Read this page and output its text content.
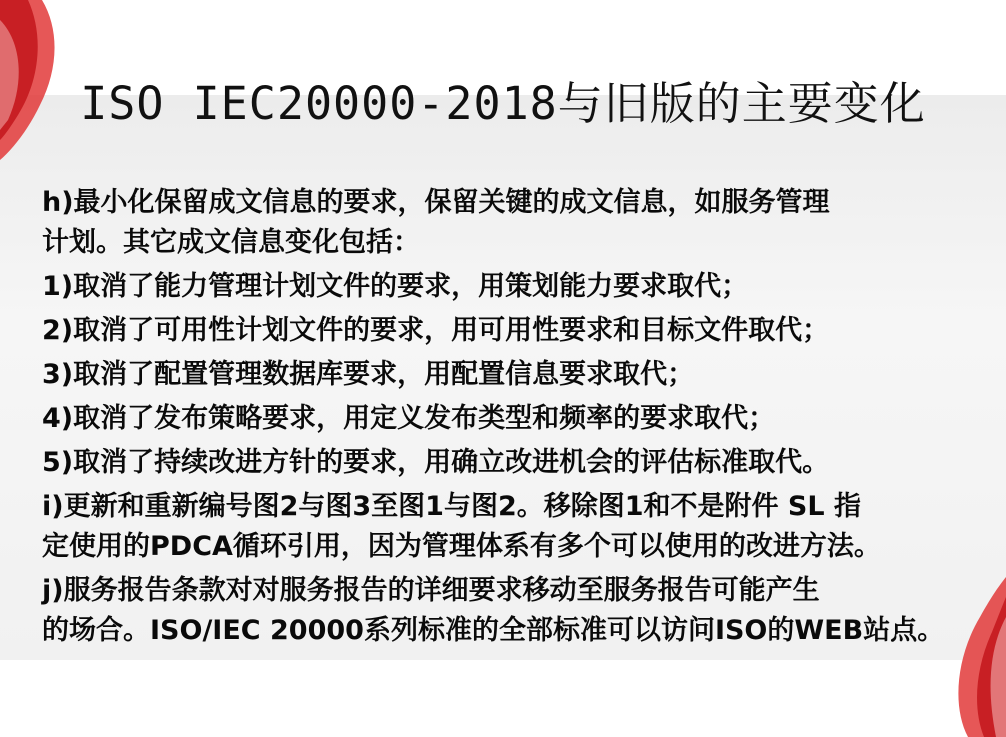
ISO IEC20000-2018与旧版的主要变化
h)最小化保留成文信息的要求，保留关键的成文信息，如服务管理
计划。其它成文信息变化包括：
1)取消了能力管理计划文件的要求，用策划能力要求取代；
2)取消了可用性计划文件的要求，用可用性要求和目标文件取代；
3)取消了配置管理数据库要求，用配置信息要求取代；
4)取消了发布策略要求，用定义发布类型和频率的要求取代；
5)取消了持续改进方针的要求，用确立改进机会的评估标准取代。
i)更新和重新编号图2与图3至图1与图2。移除图1和不是附件 SL 指
定使用的PDCA循环引用，因为管理体系有多个可以使用的改进方法。
j)服务报告条款对对服务报告的详细要求移动至服务报告可能产生
的场合。ISO/IEC 20000系列标准的全部标准可以访问ISO的WEB站点。
